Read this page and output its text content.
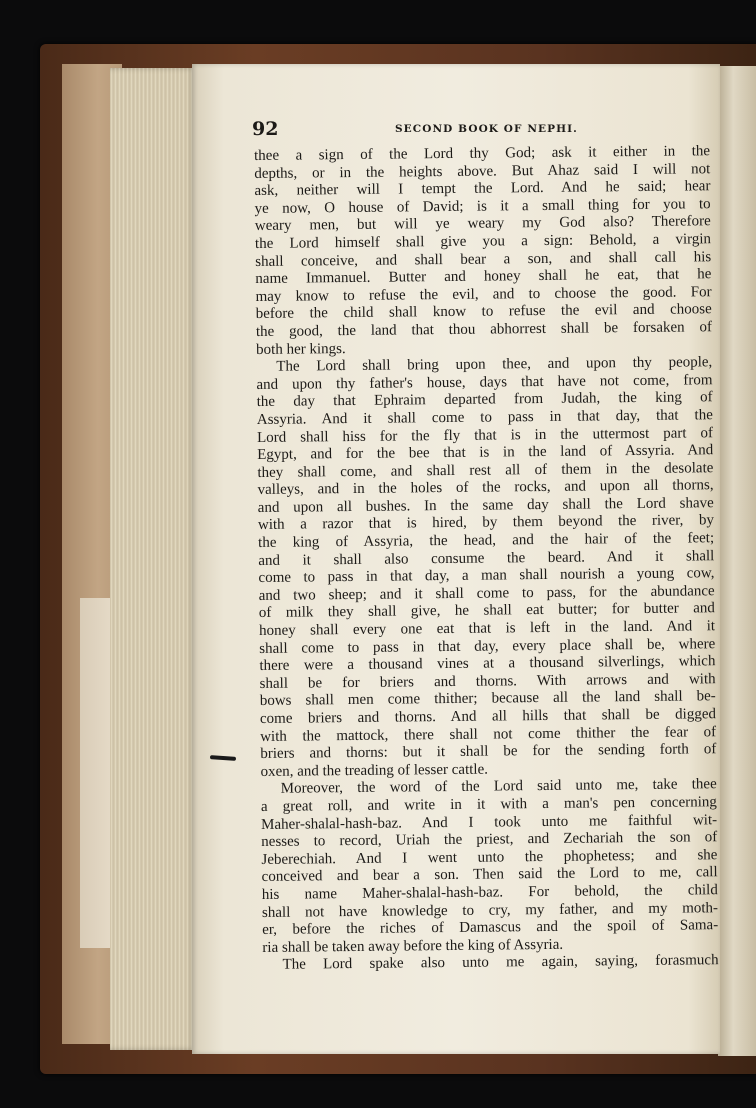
92	SECOND BOOK OF NEPHI.
thee a sign of the Lord thy God; ask it either in the
depths, or in the heights above. But Ahaz said I will not
ask, neither will I tempt the Lord. And he said; hear
ye now, O house of David; is it a small thing for you to
weary men, but will ye weary my God also? Therefore
the Lord himself shall give you a sign: Behold, a virgin
shall conceive, and shall bear a son, and shall call his
name Immanuel. Butter and honey shall he eat, that he
may know to refuse the evil, and to choose the good. For
before the child shall know to refuse the evil and choose
the good, the land that thou abhorrest shall be forsaken of
both her kings.
The Lord shall bring upon thee, and upon thy people,
and upon thy father's house, days that have not come, from
the day that Ephraim departed from Judah, the king of
Assyria. And it shall come to pass in that day, that the
Lord shall hiss for the fly that is in the uttermost part of
Egypt, and for the bee that is in the land of Assyria. And
they shall come, and shall rest all of them in the desolate
valleys, and in the holes of the rocks, and upon all thorns,
and upon all bushes. In the same day shall the Lord shave
with a razor that is hired, by them beyond the river, by
the king of Assyria, the head, and the hair of the feet;
and it shall also consume the beard. And it shall
come to pass in that day, a man shall nourish a young cow,
and two sheep; and it shall come to pass, for the abundance
of milk they shall give, he shall eat butter; for butter and
honey shall every one eat that is left in the land. And it
shall come to pass in that day, every place shall be, where
there were a thousand vines at a thousand silverlings, which
shall be for briers and thorns. With arrows and with
bows shall men come thither; because all the land shall be-
come briers and thorns. And all hills that shall be digged
with the mattock, there shall not come thither the fear of
briers and thorns: but it shall be for the sending forth of
oxen, and the treading of lesser cattle.
Moreover, the word of the Lord said unto me, take thee
a great roll, and write in it with a man's pen concerning
Maher-shalal-hash-baz. And I took unto me faithful wit-
nesses to record, Uriah the priest, and Zechariah the son of
Jeberechiah. And I went unto the phophetess; and she
conceived and bear a son. Then said the Lord to me, call
his name Maher-shalal-hash-baz. For behold, the child
shall not have knowledge to cry, my father, and my moth-
er, before the riches of Damascus and the spoil of Sama-
ria shall be taken away before the king of Assyria.
The Lord spake also unto me again, saying, forasmuch
